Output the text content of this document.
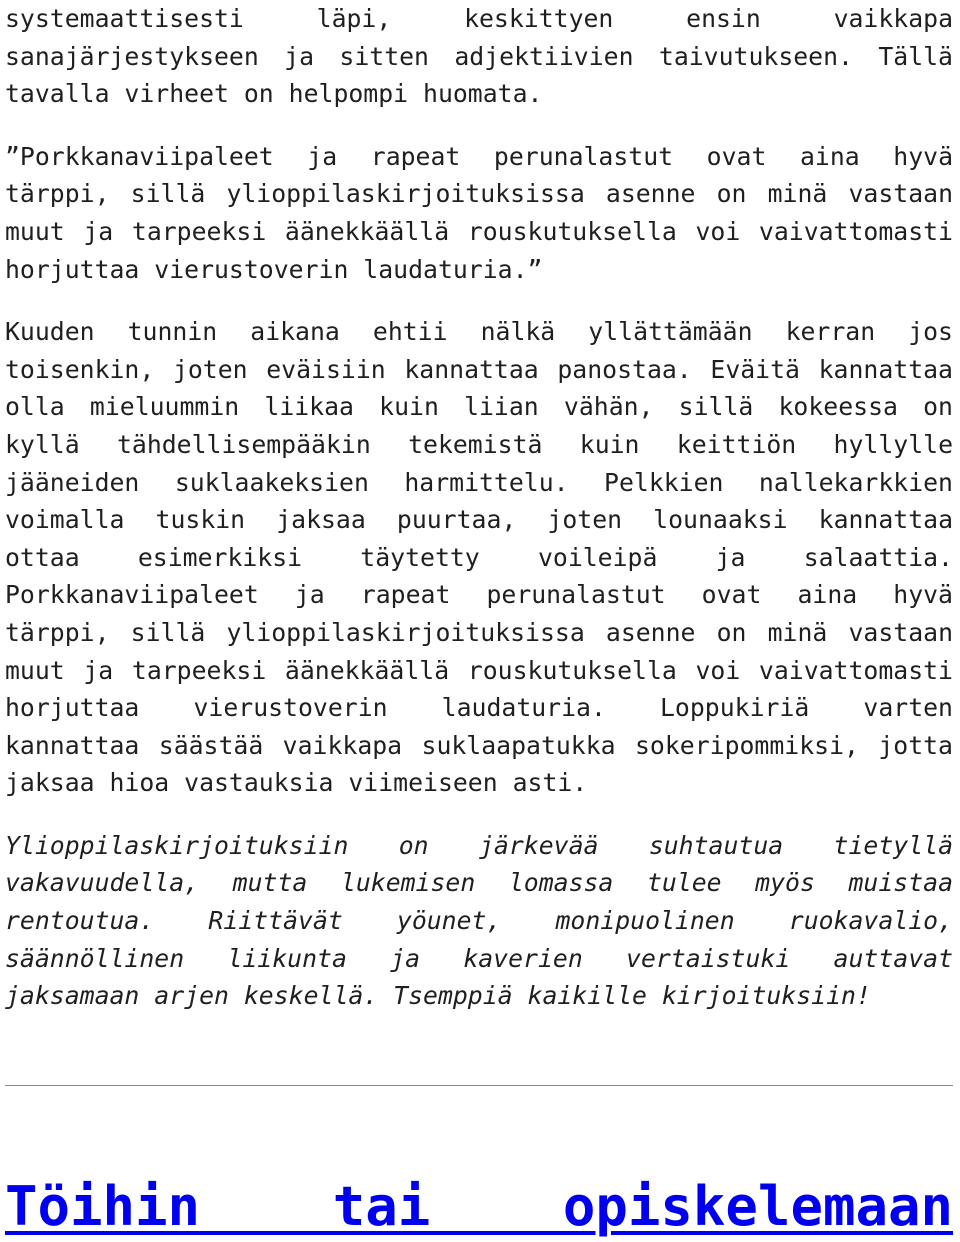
systemaattisesti läpi, keskittyen ensin vaikkapa
sanajärjestykseen ja sitten adjektiivien taivutukseen. Tällä
tavalla virheet on helpompi huomata.
”Porkkanaviipaleet ja rapeat perunalastut ovat aina hyvä
tärppi, sillä ylioppilaskirjoituksissa asenne on minä vastaan
muut ja tarpeeksi äänekkäällä rouskutuksella voi vaivattomasti
horjuttaa vierustoverin laudaturia.”
Kuuden tunnin aikana ehtii nälkä yllättämään kerran jos
toisenkin, joten eväisiin kannattaa panostaa. Eväitä kannattaa
olla mieluummin liikaa kuin liian vähän, sillä kokeessa on
kyllä tähdellisempääkin tekemistä kuin keittiön hyllylle
jääneiden suklaakeksien harmittelu. Pelkkien nallekarkkien
voimalla tuskin jaksaa puurtaa, joten lounaaksi kannattaa
ottaa esimerkiksi täytetty voileipä ja salaattia.
Porkkanaviipaleet ja rapeat perunalastut ovat aina hyvä
tärppi, sillä ylioppilaskirjoituksissa asenne on minä vastaan
muut ja tarpeeksi äänekkäällä rouskutuksella voi vaivattomasti
horjuttaa vierustoverin laudaturia. Loppukiriä varten
kannattaa säästää vaikkapa suklaapatukka sokeripommiksi, jotta
jaksaa hioa vastauksia viimeiseen asti.
Ylioppilaskirjoituksiin on järkevää suhtautua tietyllä
vakavuudella, mutta lukemisen lomassa tulee myös muistaa
rentoutua. Riittävät yöunet, monipuolinen ruokavalio,
säännöllinen liikunta ja kaverien vertaistuki auttavat
jaksamaan arjen keskellä. Tsemppiä kaikille kirjoituksiin!
Töihin tai opiskelemaan
